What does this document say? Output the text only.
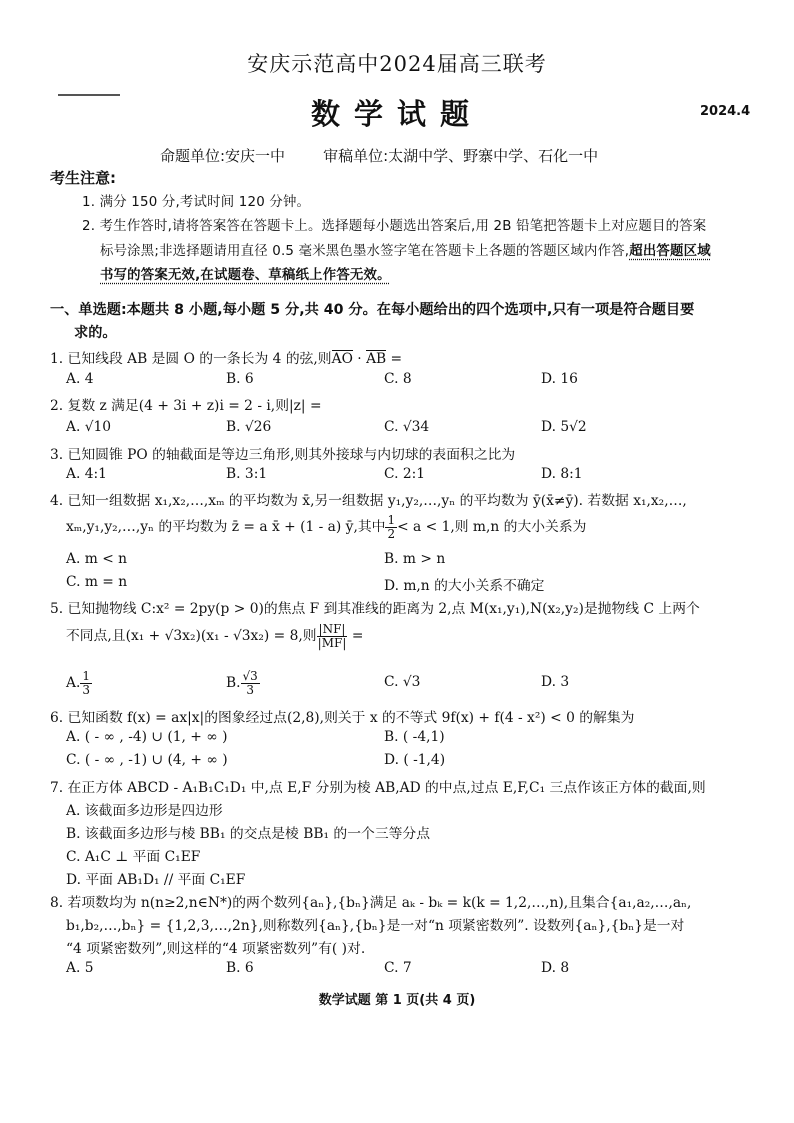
安庆示范高中2024届高三联考
数学试题	2024.4
命题单位:安庆一中	审稿单位:太湖中学、野寨中学、石化一中
考生注意:
1. 满分 150 分,考试时间 120 分钟。
2. 考生作答时,请将答案答在答题卡上。选择题每小题选出答案后,用 2B 铅笔把答题卡上对应题目的答案
标号涂黑;非选择题请用直径 0.5 毫米黑色墨水签字笔在答题卡上各题的答题区域内作答,超出答题区域
书写的答案无效,在试题卷、草稿纸上作答无效。
一、单选题:本题共 8 小题,每小题 5 分,共 40 分。在每小题给出的四个选项中,只有一项是符合题目要
求的。
1. 已知线段 AB 是圆 O 的一条长为 4 的弦,则AO · AB =
A. 4	B. 6	C. 8	D. 16
2. 复数 z 满足(4 + 3i + z)i = 2 - i,则|z| =
A. √10	B. √26	C. √34	D. 5√2
3. 已知圆锥 PO 的轴截面是等边三角形,则其外接球与内切球的表面积之比为
A. 4:1	B. 3:1	C. 2:1	D. 8:1
4. 已知一组数据 x₁,x₂,…,xₘ 的平均数为 x̄,另一组数据 y₁,y₂,…,yₙ 的平均数为 ȳ(x̄≠ȳ). 若数据 x₁,x₂,…,
xₘ,y₁,y₂,…,yₙ 的平均数为 z̄ = a x̄ + (1 - a) ȳ,其中 $\frac{1}{2} < a < 1$,则 m,n 的大小关系为
A. m < n	B. m > n
C. m = n	D. m,n 的大小关系不确定
5. 已知抛物线 C:x² = 2py(p > 0)的焦点 F 到其准线的距离为 2,点 M(x₁,y₁),N(x₂,y₂)是抛物线 C 上两个
不同点,且(x₁ + √3x₂)(x₁ - √3x₂) = 8,则 $\frac{|NF|}{|MF|}$ =
A. $\frac{1}{3}$	B. $\frac{√3}{3}$	C. √3	D. 3
6. 已知函数 f(x) = ax|x|的图象经过点(2,8),则关于 x 的不等式 9f(x) + f(4 - x²) < 0 的解集为
A. ( - ∞ , -4) ∪ (1, + ∞ )	B. ( -4,1)
C. ( - ∞ , -1) ∪ (4, + ∞ )	D. ( -1,4)
7. 在正方体 ABCD - A₁B₁C₁D₁ 中,点 E,F 分别为棱 AB,AD 的中点,过点 E,F,C₁ 三点作该正方体的截面,则
A. 该截面多边形是四边形
B. 该截面多边形与棱 BB₁ 的交点是棱 BB₁ 的一个三等分点
C. A₁C ⊥ 平面 C₁EF
D. 平面 AB₁D₁ // 平面 C₁EF
8. 若项数均为 n(n≥2,n∈N*)的两个数列{aₙ},{bₙ}满足 aₖ - bₖ = k(k = 1,2,…,n),且集合{a₁,a₂,…,aₙ,
b₁,b₂,…,bₙ} = {1,2,3,…,2n},则称数列{aₙ},{bₙ}是一对“n 项紧密数列”. 设数列{aₙ},{bₙ}是一对
“4 项紧密数列”,则这样的“4 项紧密数列”有( )对.
A. 5	B. 6	C. 7	D. 8
数学试题 第 1 页(共 4 页)
